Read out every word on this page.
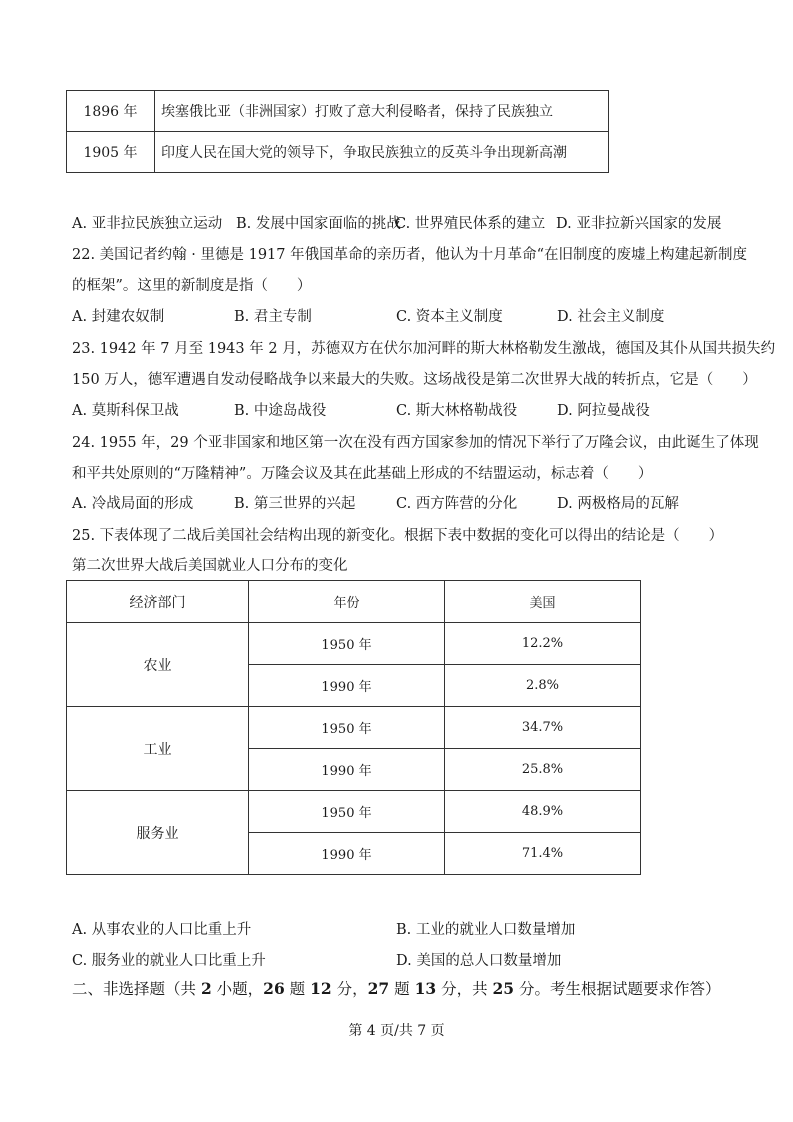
1896 年	埃塞俄比亚（非洲国家）打败了意大利侵略者，保持了民族独立
1905 年	印度人民在国大党的领导下，争取民族独立的反英斗争出现新高潮
A. 亚非拉民族独立运动 B. 发展中国家面临的挑战
C. 世界殖民体系的建立 D. 亚非拉新兴国家的发展
22. 美国记者约翰 · 里德是 1917 年俄国革命的亲历者，他认为十月革命“在旧制度的废墟上构建起新制度
的框架”。这里的新制度是指（　　）
A. 封建农奴制	B. 君主专制	C. 资本主义制度	D. 社会主义制度
23. 1942 年 7 月至 1943 年 2 月，苏德双方在伏尔加河畔的斯大林格勒发生激战，德国及其仆从国共损失约
150 万人，德军遭遇自发动侵略战争以来最大的失败。这场战役是第二次世界大战的转折点，它是（　　）
A. 莫斯科保卫战	B. 中途岛战役	C. 斯大林格勒战役	D. 阿拉曼战役
24. 1955 年，29 个亚非国家和地区第一次在没有西方国家参加的情况下举行了万隆会议，由此诞生了体现
和平共处原则的“万隆精神”。万隆会议及其在此基础上形成的不结盟运动，标志着（　　）
A. 冷战局面的形成	B. 第三世界的兴起	C. 西方阵营的分化	D. 两极格局的瓦解
25. 下表体现了二战后美国社会结构出现的新变化。根据下表中数据的变化可以得出的结论是（　　）
第二次世界大战后美国就业人口分布的变化
经济部门	年份	美国
农业	1950 年	12.2%
	1990 年	2.8%
工业	1950 年	34.7%
	1990 年	25.8%
服务业	1950 年	48.9%
	1990 年	71.4%
A. 从事农业的人口比重上升	B. 工业的就业人口数量增加
C. 服务业的就业人口比重上升	D. 美国的总人口数量增加
二、非选择题（共 2 小题，26 题 12 分，27 题 13 分，共 25 分。考生根据试题要求作答）
第 4 页/共 7 页
